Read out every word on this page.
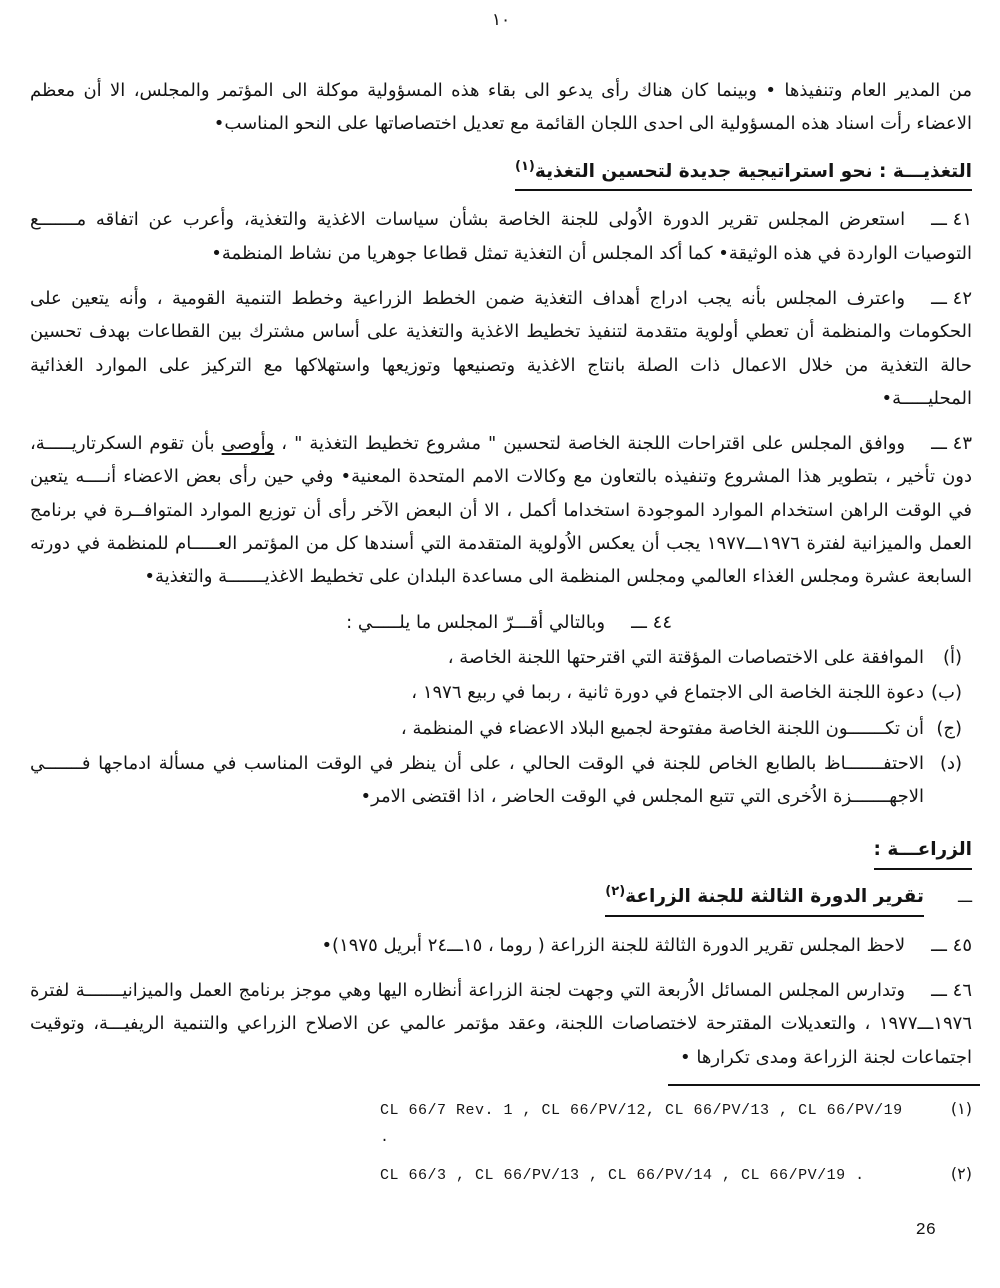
١٠
من المدير العام وتنفيذها • وبينما كان هناك رأى يدعو الى بقاء هذه المسؤولية موكلة الى المؤتمر والمجلس، الا أن معظم الاعضاء رأت اسناد هذه المسؤولية الى احدى اللجان القائمة مع تعديل اختصاصاتها على النحو المناسب•
التغذيـــة : نحو استراتيجية جديدة لتحسين التغذية$^{(١)}$
٤١ ـــاستعرض المجلس تقرير الدورة الاُولى للجنة الخاصة بشأن سياسات الاغذية والتغذية، وأعرب عن اتفاقه مـــــــع التوصيات الواردة في هذه الوثيقة• كما أكد المجلس أن التغذية تمثل قطاعا جوهريا من نشاط المنظمة•
٤٢ ـــواعترف المجلس بأنه يجب ادراج أهداف التغذية ضمن الخطط الزراعية وخطط التنمية القومية ، وأنه يتعين على الحكومات والمنظمة أن تعطي أولوية متقدمة لتنفيذ تخطيط الاغذية والتغذية على أساس مشترك بين القطاعات بهدف تحسين حالة التغذية من خلال الاعمال ذات الصلة بانتاج الاغذية وتصنيعها وتوزيعها واستهلاكها مع التركيز على الموارد الغذائية المحليـــــة•
٤٣ ـــووافق المجلس على اقتراحات اللجنة الخاصة لتحسين " مشروع تخطيط التغذية " ، وأوصى بأن تقوم السكرتاريـــــة، دون تأخير ، بتطوير هذا المشروع وتنفيذه بالتعاون مع وكالات الامم المتحدة المعنية• وفي حين رأى بعض الاعضاء أنــــه يتعين في الوقت الراهن استخدام الموارد الموجودة استخداما أكمل ، الا أن البعض الآخر رأى أن توزيع الموارد المتوافــرة في برنامج العمل والميزانية لفترة ١٩٧٦ـــ١٩٧٧ يجب أن يعكس الاُولوية المتقدمة التي أسندها كل من المؤتمر العـــــام للمنظمة في دورته السابعة عشرة ومجلس الغذاء العالمي ومجلس المنظمة الى مساعدة البلدان على تخطيط الاغذيـــــــة والتغذية•
٤٤ ـــوبالتالي أقـــرّ المجلس ما يلـــــي :
(أ)
الموافقة على الاختصاصات المؤقتة التي اقترحتها اللجنة الخاصة ،
(ب)
دعوة اللجنة الخاصة الى الاجتماع في دورة ثانية ، ربما في ربيع ١٩٧٦ ،
(ج)
أن تكـــــــون اللجنة الخاصة مفتوحة لجميع البلاد الاعضاء في المنظمة ،
(د)
الاحتفـــــــاظ بالطابع الخاص للجنة في الوقت الحالي ، على أن ينظر في الوقت المناسب في مسألة ادماجها فـــــــي الاجهـــــــزة الاُخرى التي تتبع المجلس في الوقت الحاضر ، اذا اقتضى الامر•
الزراعـــة :
ـــتقرير الدورة الثالثة للجنة الزراعة$^{(٢)}$
٤٥ ـــلاحظ المجلس تقرير الدورة الثالثة للجنة الزراعة ( روما ، ١٥ـــ٢٤ أبريل ١٩٧٥)•
٤٦ ـــوتدارس المجلس المسائل الاُربعة التي وجهت لجنة الزراعة أنظاره اليها وهي موجز برنامج العمل والميزانيـــــــة لفترة ١٩٧٦ـــ١٩٧٧ ، والتعديلات المقترحة لاختصاصات اللجنة، وعقد مؤتمر عالمي عن الاصلاح الزراعي والتنمية الريفيـــة، وتوقيت اجتماعات لجنة الزراعة ومدى تكرارها •
(١)
CL 66/7 Rev. 1 , CL 66/PV/12, CL 66/PV/13 , CL 66/PV/19 .
(٢)
CL 66/3 , CL 66/PV/13 , CL 66/PV/14 , CL 66/PV/19 .
26
